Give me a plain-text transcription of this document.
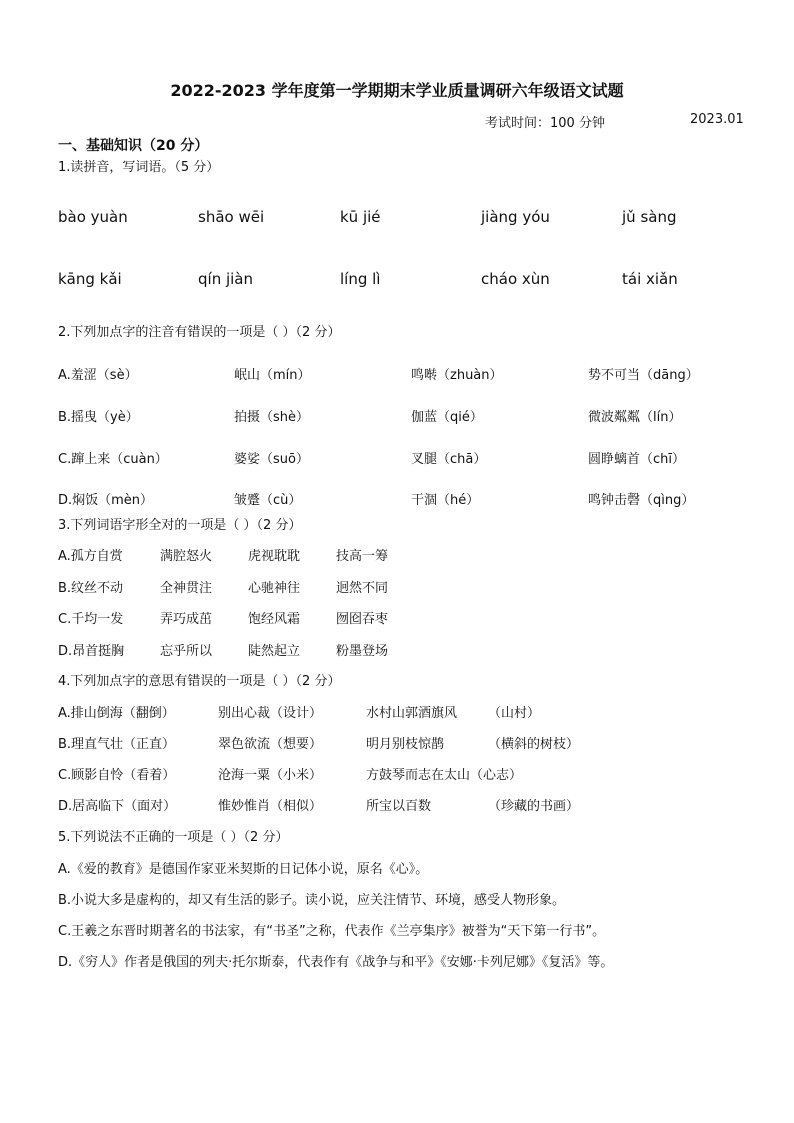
2022-2023 学年度第一学期期末学业质量调研六年级语文试题
考试时间：100 分钟	2023.01
一、基础知识（20 分）
1.读拼音，写词语。（5 分）
bào yuàn	shāo wēi	kū jié	jiàng yóu	jǔ sàng
kāng kǎi	qín jiàn	líng lì	cháo xùn	tái xiǎn
2.下列加点字的注音有错误的一项是（ ）（2 分）
A.羞涩（sè）	岷山（mín）	鸣啭（zhuàn）	势不可当（dāng）
B.摇曳（yè）	拍摄（shè）	伽蓝（qié）	微波粼粼（lín）
C.蹿上来（cuàn）	婆娑（suō）	叉腿（chā）	圆睁螭首（chī）
D.焖饭（mèn）	皱蹙（cù）	干涸（hé）	鸣钟击磬（qìng）
3.下列词语字形全对的一项是（ ）（2 分）
A.孤方自赏	满腔怒火	虎视耽耽	技高一筹
B.纹丝不动	全神贯注	心驰神往	迥然不同
C.千均一发	弄巧成茁	饱经风霜	囫囵吞枣
D.昂首挺胸	忘乎所以	陡然起立	粉墨登场
4.下列加点字的意思有错误的一项是（ ）（2 分）
A.排山倒海（翻倒）	别出心裁（设计）	水村山郭酒旗风 （山村）
B.理直气壮（正直）	翠色欲流（想要）	明月别枝惊鹊	（横斜的树枝）
C.顾影自怜（看着）	沧海一粟（小米）	方鼓琴而志在太山（心志）
D.居高临下（面对）	惟妙惟肖（相似）	所宝以百数	（珍藏的书画）
5.下列说法不正确的一项是（ ）（2 分）
A.《爱的教育》是德国作家亚米契斯的日记体小说，原名《心》。
B.小说大多是虚构的，却又有生活的影子。读小说，应关注情节、环境，感受人物形象。
C.王羲之东晋时期著名的书法家，有“书圣”之称，代表作《兰亭集序》被誉为“天下第一行书”。
D.《穷人》作者是俄国的列夫·托尔斯泰，代表作有《战争与和平》《安娜·卡列尼娜》《复活》等。
